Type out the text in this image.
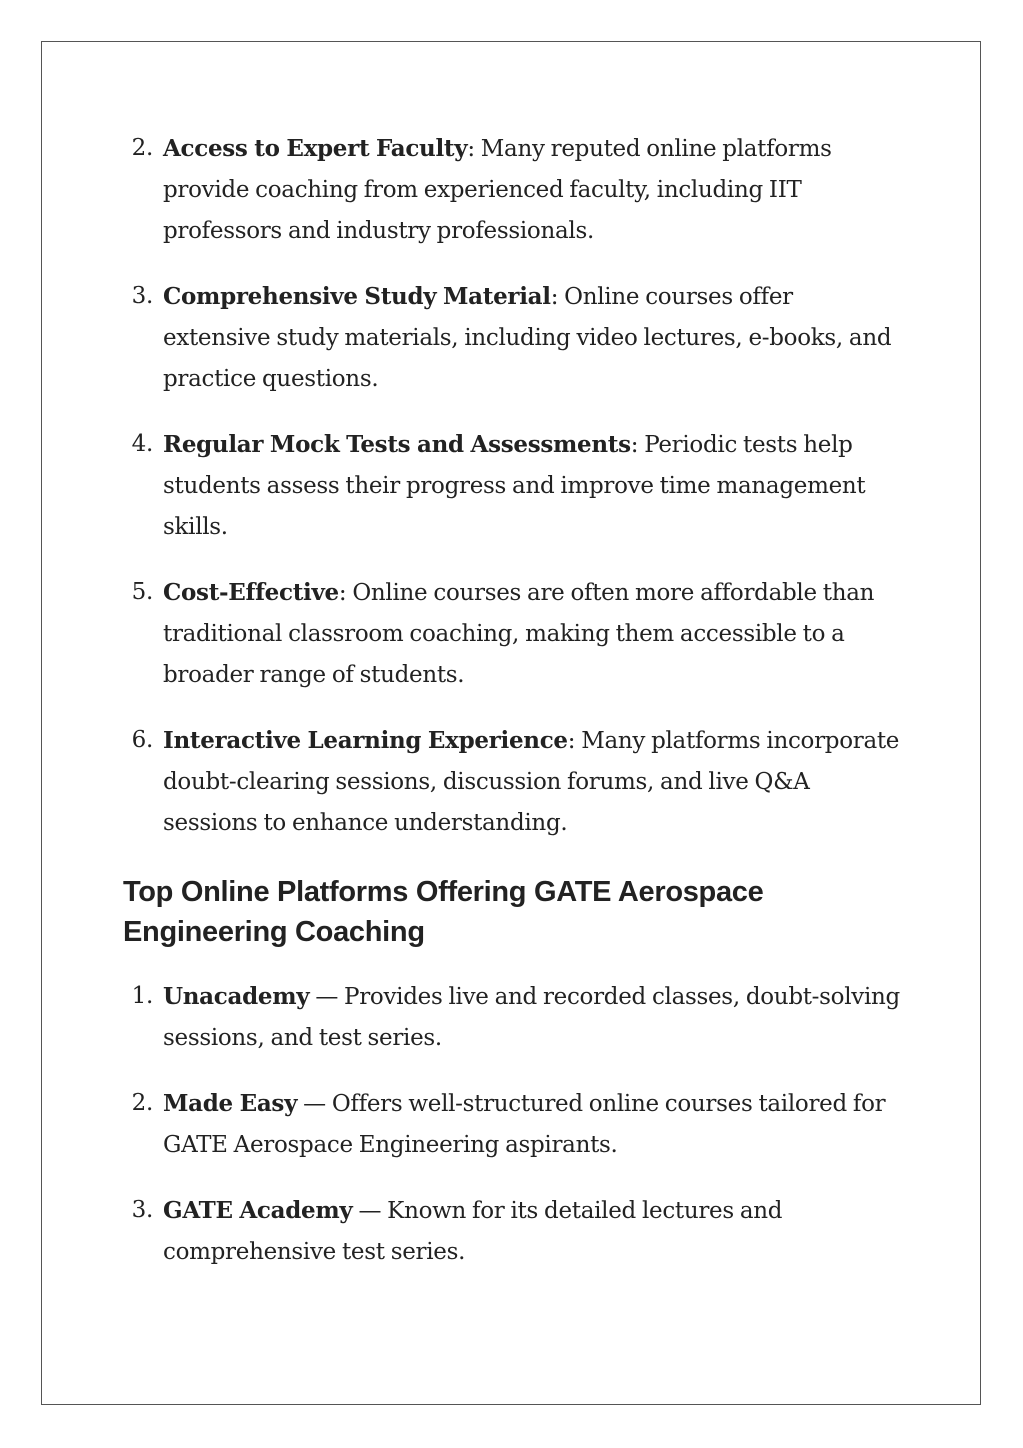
2. Access to Expert Faculty: Many reputed online platforms provide coaching from experienced faculty, including IIT professors and industry professionals.
3. Comprehensive Study Material: Online courses offer extensive study materials, including video lectures, e-books, and practice questions.
4. Regular Mock Tests and Assessments: Periodic tests help students assess their progress and improve time management skills.
5. Cost-Effective: Online courses are often more affordable than traditional classroom coaching, making them accessible to a broader range of students.
6. Interactive Learning Experience: Many platforms incorporate doubt-clearing sessions, discussion forums, and live Q&A sessions to enhance understanding.
Top Online Platforms Offering GATE Aerospace Engineering Coaching
1. Unacademy — Provides live and recorded classes, doubt-solving sessions, and test series.
2. Made Easy — Offers well-structured online courses tailored for GATE Aerospace Engineering aspirants.
3. GATE Academy — Known for its detailed lectures and comprehensive test series.
